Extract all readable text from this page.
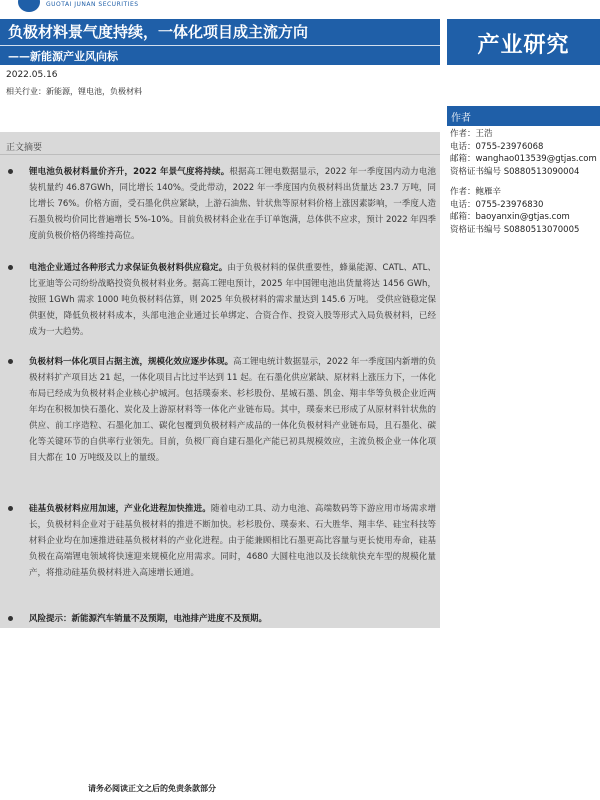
GUOTAI JUNAN SECURITIES
负极材料景气度持续，一体化项目成主流方向
——新能源产业风向标	产业研究
2022.05.16
相关行业：新能源，锂电池，负极材料
正文摘要
锂电池负极材料量价齐升，2022 年景气度将持续。根据高工锂电数据显示，2022 年一季度国内动力电池装机量约 46.87GWh，同比增长 140%。受此带动，2022 年一季度国内负极材料出货量达 23.7 万吨，同比增长 76%。价格方面，受石墨化供应紧缺，上游石油焦、针状焦等原材料价格上涨因素影响，一季度人造石墨负极均价同比普遍增长 5%-10%。目前负极材料企业在手订单饱满，总体供不应求，预计 2022 年四季度前负极价格仍将维持高位。
电池企业通过各种形式力求保证负极材料供应稳定。由于负极材料的保供重要性，蜂巢能源、CATL、ATL、比亚迪等公司纷纷战略投资负极材料业务。据高工锂电预计，2025 年中国锂电池出货量将达 1456 GWh，按照 1GWh 需求 1000 吨负极材料估算，则 2025 年负极材料的需求量达到 145.6 万吨。 受供应链稳定保供驱使，降低负极材料成本，头部电池企业通过长单绑定、合资合作、投资入股等形式入局负极材料，已经成为一大趋势。
负极材料一体化项目占据主流，规模化效应逐步体现。高工锂电统计数据显示，2022 年一季度国内新增的负极材料扩产项目达 21 起，一体化项目占比过半达到 11 起。在石墨化供应紧缺、原材料上涨压力下，一体化布局已经成为负极材料企业核心护城河。包括璞泰来、杉杉股份、星城石墨、凯金、翔丰华等负极企业近两年均在积极加快石墨化、炭化及上游原材料等一体化产业链布局。其中，璞泰来已形成了从原材料针状焦的供应、前工序造粒、石墨化加工、碳化包覆到负极材料产成品的一体化负极材料产业链布局，且石墨化、碳化等关键环节的自供率行业领先。目前，负极厂商自建石墨化产能已初具规模效应，主流负极企业一体化项目大都在 10 万吨级及以上的量级。
硅基负极材料应用加速，产业化进程加快推进。随着电动工具、动力电池、高端数码等下游应用市场需求增长，负极材料企业对于硅基负极材料的推进不断加快。杉杉股份、璞泰来、石大胜华、翔丰华、硅宝科技等材料企业均在加速推进硅基负极材料的产业化进程。由于能兼顾相比石墨更高比容量与更长使用寿命，硅基负极在高端锂电领域将快速迎来规模化应用需求。同时，4680 大圆柱电池以及长续航快充车型的规模化量产，将推动硅基负极材料进入高速增长通道。
风险提示：新能源汽车销量不及预期，电池排产进度不及预期。
作者
作者：王浩
电话：0755-23976068
邮箱：wanghao013539@gtjas.com
资格证书编号 S0880513090004
作者：鲍雁辛
电话：0755-23976830
邮箱：baoyanxin@gtjas.com
资格证书编号 S0880513070005
请务必阅读正文之后的免责条款部分
